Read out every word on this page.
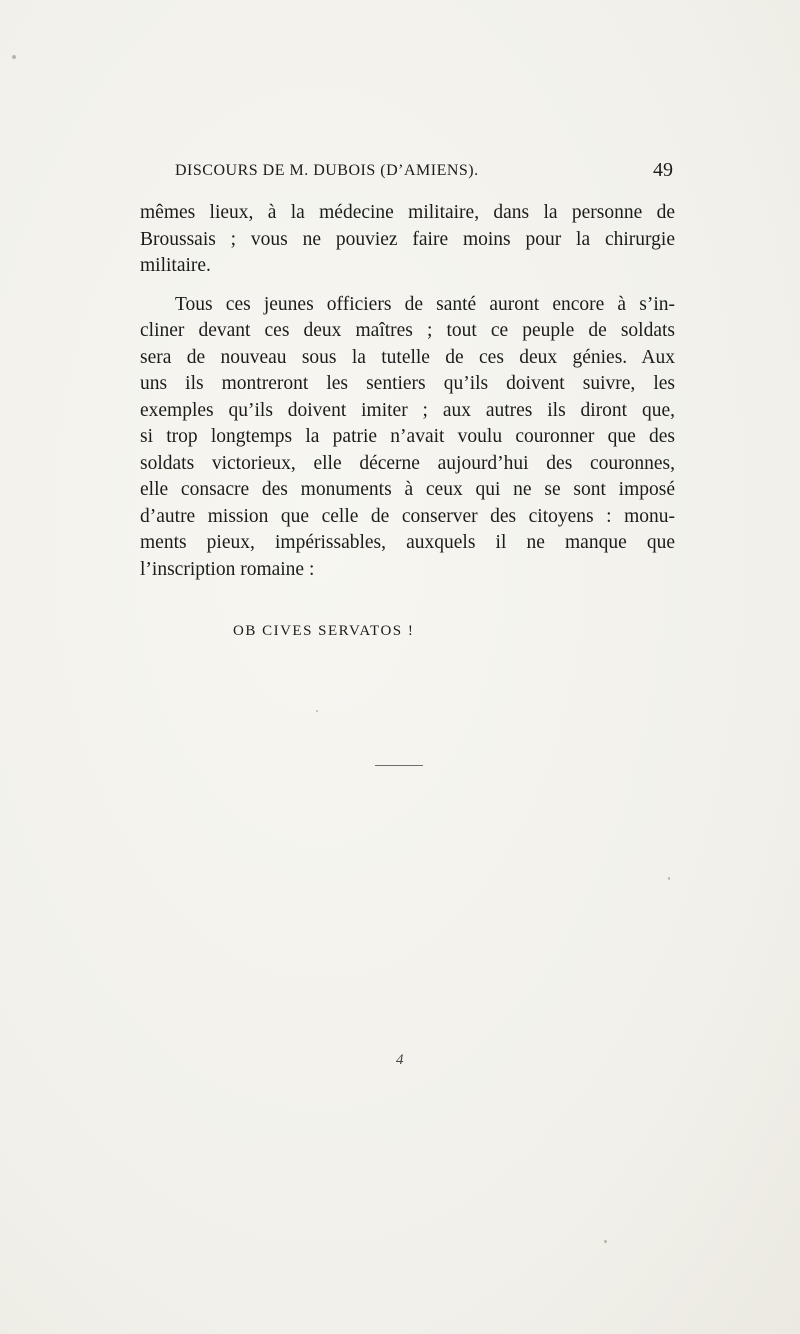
DISCOURS DE M. DUBOIS (D’AMIENS).	49
mêmes lieux, à la médecine militaire, dans la personne de
Broussais ; vous ne pouviez faire moins pour la chirurgie
militaire.
Tous ces jeunes officiers de santé auront encore à s’in-
cliner devant ces deux maîtres ; tout ce peuple de soldats
sera de nouveau sous la tutelle de ces deux génies. Aux
uns ils montreront les sentiers qu’ils doivent suivre, les
exemples qu’ils doivent imiter ; aux autres ils diront que,
si trop longtemps la patrie n’avait voulu couronner que des
soldats victorieux, elle décerne aujourd’hui des couronnes,
elle consacre des monuments à ceux qui ne se sont imposé
d’autre mission que celle de conserver des citoyens : monu-
ments pieux, impérissables, auxquels il ne manque que
l’inscription romaine :
OB CIVES SERVATOS !
4
